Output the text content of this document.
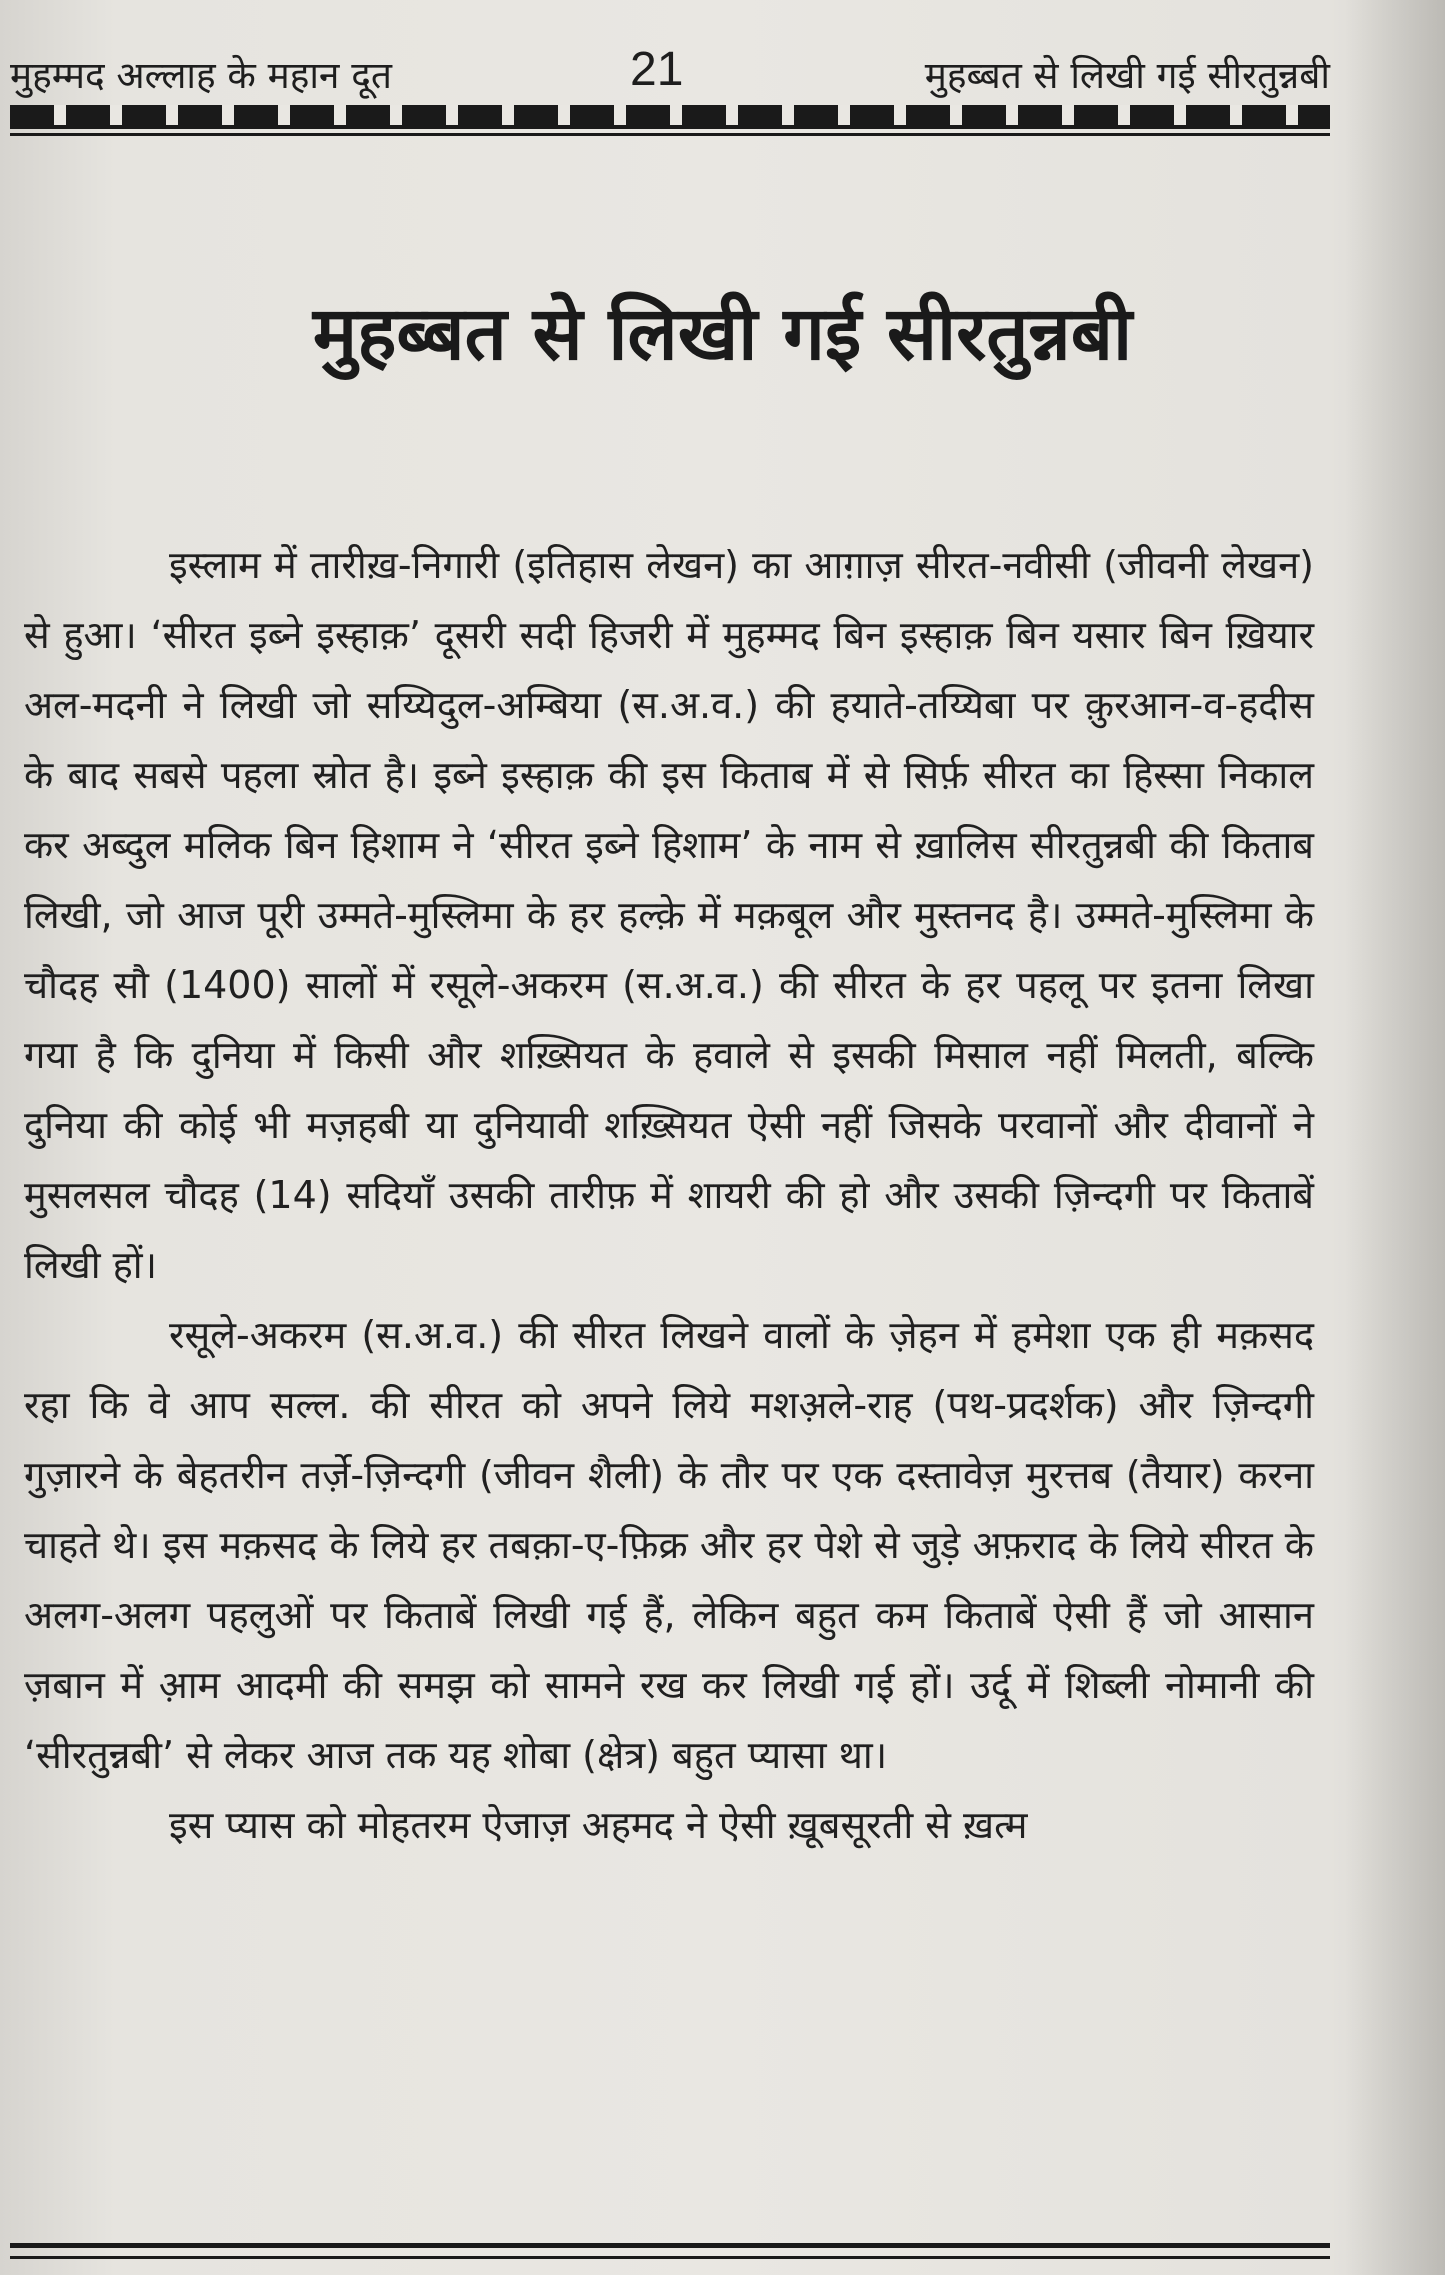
मुहम्मद अल्लाह के महान दूत	21	मुहब्बत से लिखी गई सीरतुन्नबी
मुहब्बत से लिखी गई सीरतुन्नबी

इस्लाम में तारीख़-निगारी (इतिहास लेखन) का आग़ाज़ सीरत-नवीसी (जीवनी लेखन) से हुआ। ‘सीरत इब्ने इस्हाक़’ दूसरी सदी हिजरी में मुहम्मद बिन इस्हाक़ बिन यसार बिन ख़ियार अल-मदनी ने लिखी जो सय्यिदुल-अम्बिया (स.अ.व.) की हयाते-तय्यिबा पर क़ुरआन-व-हदीस के बाद सबसे पहला स्रोत है। इब्ने इस्हाक़ की इस किताब में से सिर्फ़ सीरत का हिस्सा निकाल कर अब्दुल मलिक बिन हिशाम ने ‘सीरत इब्ने हिशाम’ के नाम से ख़ालिस सीरतुन्नबी की किताब लिखी, जो आज पूरी उम्मते-मुस्लिमा के हर हल्क़े में मक़बूल और मुस्तनद है। उम्मते-मुस्लिमा के चौदह सौ (1400) सालों में रसूले-अकरम (स.अ.व.) की सीरत के हर पहलू पर इतना लिखा गया है कि दुनिया में किसी और शख़्सियत के हवाले से इसकी मिसाल नहीं मिलती, बल्कि दुनिया की कोई भी मज़हबी या दुनियावी शख़्सियत ऐसी नहीं जिसके परवानों और दीवानों ने मुसलसल चौदह (14) सदियाँ उसकी तारीफ़ में शायरी की हो और उसकी ज़िन्दगी पर किताबें लिखी हों।

रसूले-अकरम (स.अ.व.) की सीरत लिखने वालों के ज़ेहन में हमेशा एक ही मक़सद रहा कि वे आप सल्ल. की सीरत को अपने लिये मशअ़ले-राह (पथ-प्रदर्शक) और ज़िन्दगी गुज़ारने के बेहतरीन तर्ज़े-ज़िन्दगी (जीवन शैली) के तौर पर एक दस्तावेज़ मुरत्तब (तैयार) करना चाहते थे। इस मक़सद के लिये हर तबक़ा-ए-फ़िक्र और हर पेशे से जुड़े अफ़राद के लिये सीरत के अलग-अलग पहलुओं पर किताबें लिखी गई हैं, लेकिन बहुत कम किताबें ऐसी हैं जो आसान ज़बान में आ़म आदमी की समझ को सामने रख कर लिखी गई हों। उर्दू में शिब्ली नोमानी की ‘सीरतुन्नबी’ से लेकर आज तक यह शोबा (क्षेत्र) बहुत प्यासा था।

इस प्यास को मोहतरम ऐजाज़ अहमद ने ऐसी ख़ूबसूरती से ख़त्म
